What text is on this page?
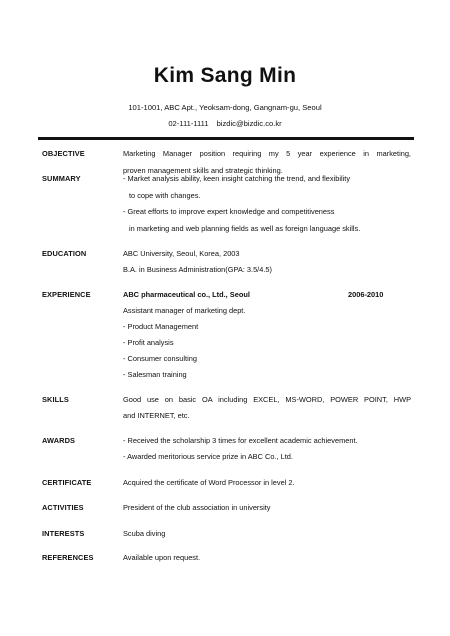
Kim Sang Min
101-1001, ABC Apt., Yeoksam-dong, Gangnam-gu, Seoul
02-111-1111 bizdic@bizdic.co.kr
OBJECTIVE	Marketing Manager position requiring my 5 year experience in marketing,
proven management skills and strategic thinking.
SUMMARY	- Market analysis ability, keen insight catching the trend, and flexibility
to cope with changes.
- Great efforts to improve expert knowledge and competitiveness
in marketing and web planning fields as well as foreign language skills.
EDUCATION	ABC University, Seoul, Korea, 2003
B.A. in Business Administration(GPA: 3.5/4.5)
EXPERIENCE	ABC pharmaceutical co., Ltd., Seoul	2006-2010
Assistant manager of marketing dept.
- Product Management
- Profit analysis
- Consumer consulting
- Salesman training
SKILLS	Good use on basic OA including EXCEL, MS-WORD, POWER POINT, HWP
and INTERNET, etc.
AWARDS	- Received the scholarship 3 times for excellent academic achievement.
- Awarded meritorious service prize in ABC Co., Ltd.
CERTIFICATE	Acquired the certificate of Word Processor in level 2.
ACTIVITIES	President of the club association in university
INTERESTS	Scuba diving
REFERENCES	Available upon request.
